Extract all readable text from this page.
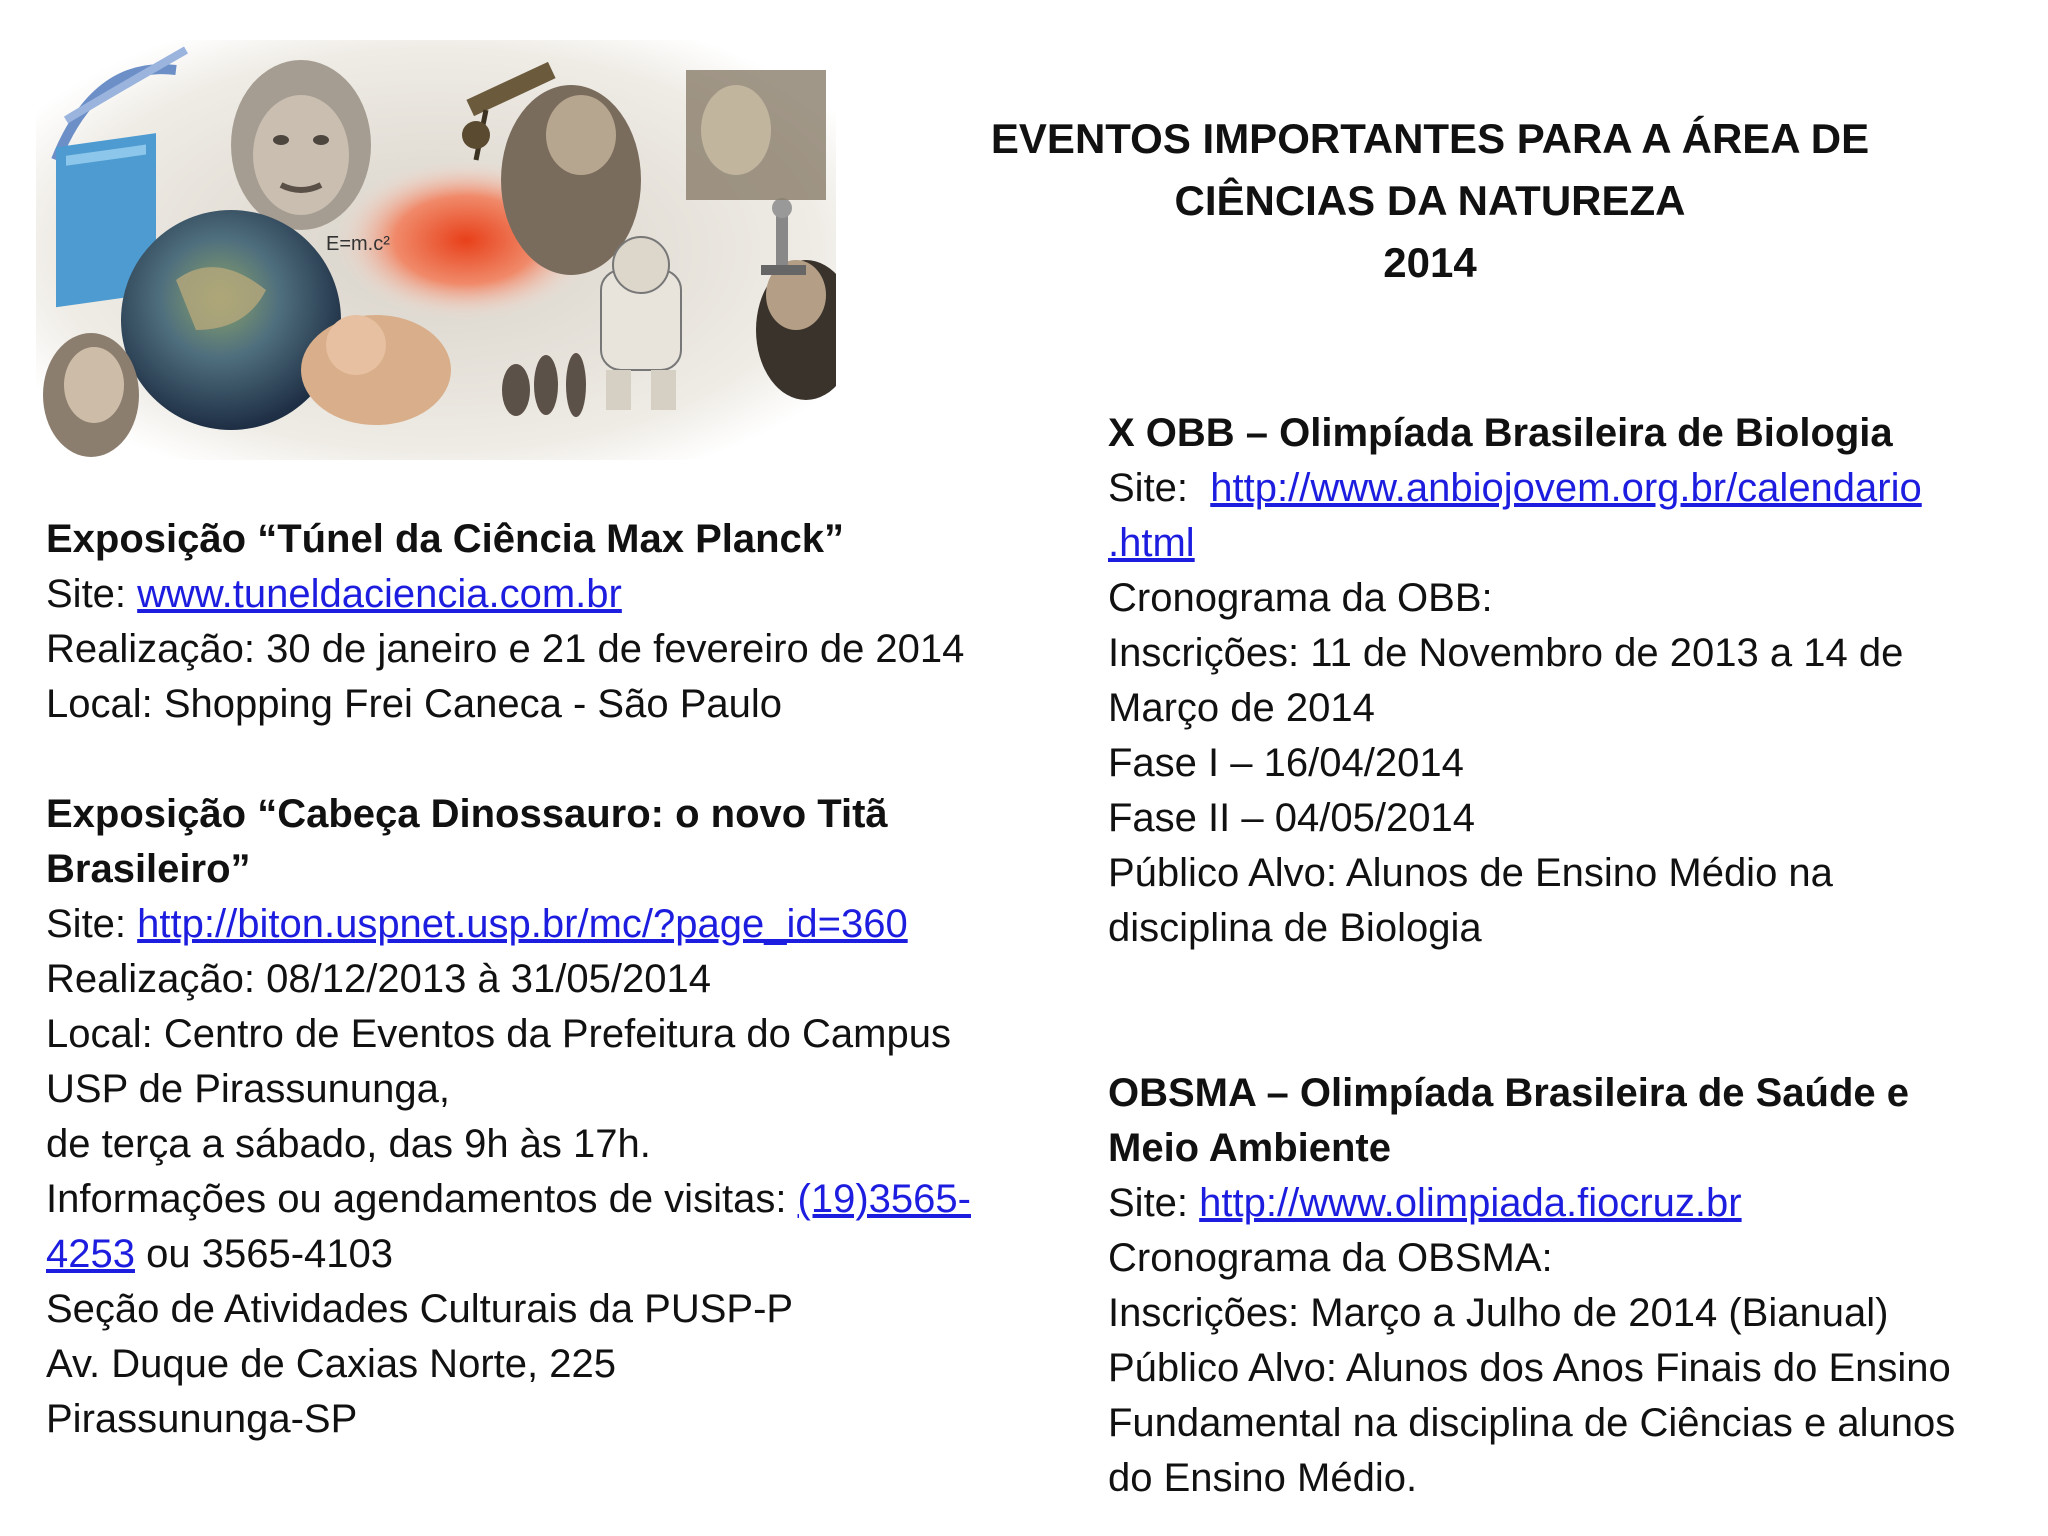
E=m.c²
EVENTOS IMPORTANTES PARA A ÁREA DE
CIÊNCIAS DA NATUREZA
2014
Exposição “Túnel da Ciência Max Planck”
Site: www.tuneldaciencia.com.br
Realização: 30 de janeiro e 21 de fevereiro de 2014
Local: Shopping Frei Caneca - São Paulo
Exposição “Cabeça Dinossauro: o novo Titã
Brasileiro”
Site: http://biton.uspnet.usp.br/mc/?page_id=360
Realização: 08/12/2013 à 31/05/2014
Local: Centro de Eventos da Prefeitura do Campus
USP de Pirassununga,
de terça a sábado, das 9h às 17h.
Informações ou agendamentos de visitas: (19)3565-
4253 ou 3565-4103
Seção de Atividades Culturais da PUSP-P
Av. Duque de Caxias Norte, 225
Pirassununga-SP
X OBB – Olimpíada Brasileira de Biologia
Site:  http://www.anbiojovem.org.br/calendario
.html
Cronograma da OBB:
Inscrições: 11 de Novembro de 2013 a 14 de
Março de 2014
Fase I – 16/04/2014
Fase II – 04/05/2014
Público Alvo: Alunos de Ensino Médio na
disciplina de Biologia
OBSMA – Olimpíada Brasileira de Saúde e
Meio Ambiente
Site: http://www.olimpiada.fiocruz.br
Cronograma da OBSMA:
Inscrições: Março a Julho de 2014 (Bianual)
Público Alvo: Alunos dos Anos Finais do Ensino
Fundamental na disciplina de Ciências e alunos
do Ensino Médio.
